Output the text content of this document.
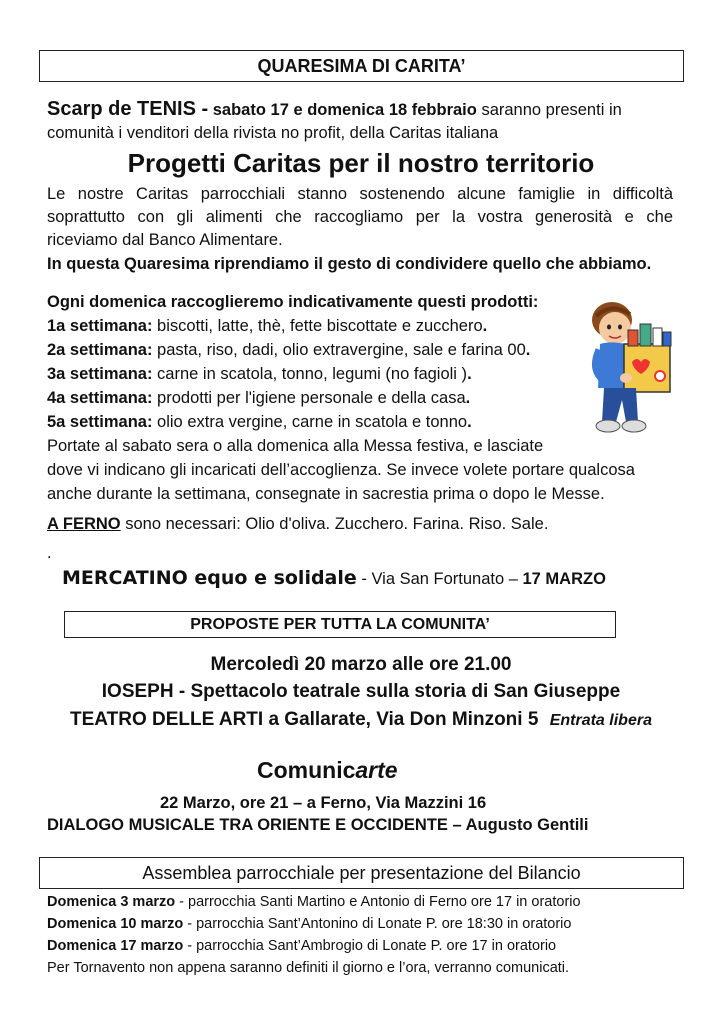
QUARESIMA DI CARITA’
Scarp de TENIS - sabato 17 e domenica 18 febbraio saranno presenti in
comunità i venditori della rivista no profit, della Caritas italiana
Progetti Caritas per il nostro territorio
Le nostre Caritas parrocchiali stanno sostenendo alcune famiglie in difficoltà
soprattutto con gli alimenti che raccogliamo per la vostra generosità e che
riceviamo dal Banco Alimentare.
In questa Quaresima riprendiamo il gesto di condividere quello che abbiamo.
Ogni domenica raccoglieremo indicativamente questi prodotti:
1a settimana: biscotti, latte, thè, fette biscottate e zucchero.
2a settimana: pasta, riso, dadi, olio extravergine, sale e farina 00.
3a settimana: carne in scatola, tonno, legumi (no fagioli ).
4a settimana: prodotti per l'igiene personale e della casa.
5a settimana: olio extra vergine, carne in scatola e tonno.
Portate al sabato sera o alla domenica alla Messa festiva, e lasciate
dove vi indicano gli incaricati dell’accoglienza. Se invece volete portare qualcosa
anche durante la settimana, consegnate in sacrestia prima o dopo le Messe.
A FERNO sono necessari: Olio d'oliva. Zucchero. Farina. Riso. Sale.
.
MERCATINO equo e solidale - Via San Fortunato – 17 MARZO
PROPOSTE PER TUTTA LA COMUNITA’
Mercoledì 20 marzo alle ore 21.00
IOSEPH - Spettacolo teatrale sulla storia di San Giuseppe
TEATRO DELLE ARTI a Gallarate, Via Don Minzoni 5 Entrata libera
Comunicarte
22 Marzo, ore 21 – a Ferno, Via Mazzini 16
DIALOGO MUSICALE TRA ORIENTE E OCCIDENTE – Augusto Gentili
Assemblea parrocchiale per presentazione del Bilancio
Domenica 3 marzo - parrocchia Santi Martino e Antonio di Ferno ore 17 in oratorio
Domenica 10 marzo - parrocchia Sant’Antonino di Lonate P. ore 18:30 in oratorio
Domenica 17 marzo - parrocchia Sant’Ambrogio di Lonate P. ore 17 in oratorio
Per Tornavento non appena saranno definiti il giorno e l’ora, verranno comunicati.
